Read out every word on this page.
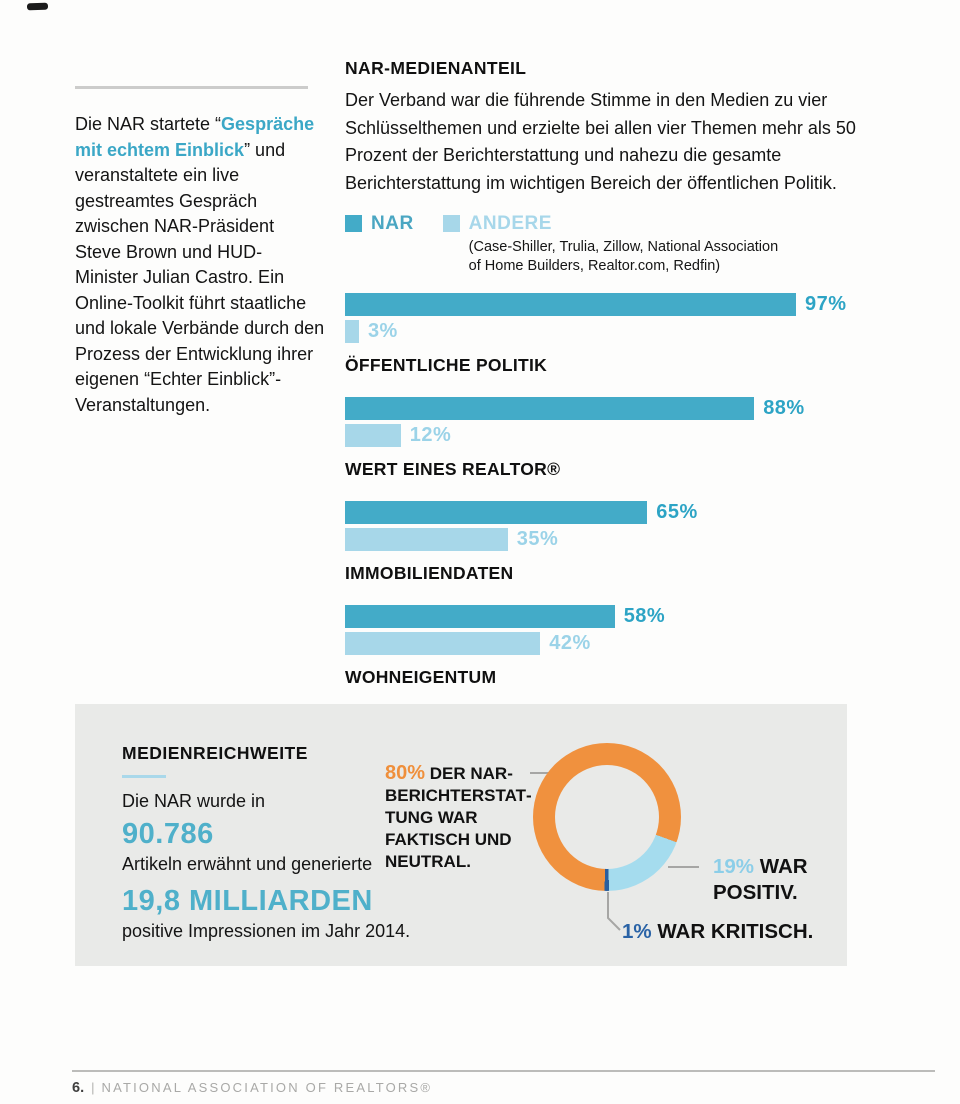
Die NAR startete “Gespräche mit echtem Einblick” und veranstaltete ein live gestreamtes Gespräch zwischen NAR-Präsident Steve Brown und HUD-Minister Julian Castro. Ein Online-Toolkit führt staatliche und lokale Verbände durch den Prozess der Entwicklung ihrer eigenen “Echter Einblick”-Veranstaltungen.

NAR-MEDIENANTEIL

Der Verband war die führende Stimme in den Medien zu vier Schlüsselthemen und erzielte bei allen vier Themen mehr als 50 Prozent der Berichterstattung und nahezu die gesamte Berichterstattung im wichtigen Bereich der öffentlichen Politik.

NAR	ANDERE
(Case-Shiller, Trulia, Zillow, National Association of Home Builders, Realtor.com, Redfin)
97%
3%
ÖFFENTLICHE POLITIK
88%
12%
WERT EINES REALTOR®
65%
35%
IMMOBILIENDATEN
58%
42%
WOHNEIGENTUM
MEDIENREICHWEITE
Die NAR wurde in
90.786
Artikeln erwähnt und generierte
19,8 MILLIARDEN
positive Impressionen im Jahr 2014.
80% DER NAR-BERICHTERSTATTUNG WAR FAKTISCH UND NEUTRAL.	19% WAR POSITIV.
1% WAR KRITISCH.
6. | NATIONAL ASSOCIATION OF REALTORS®
